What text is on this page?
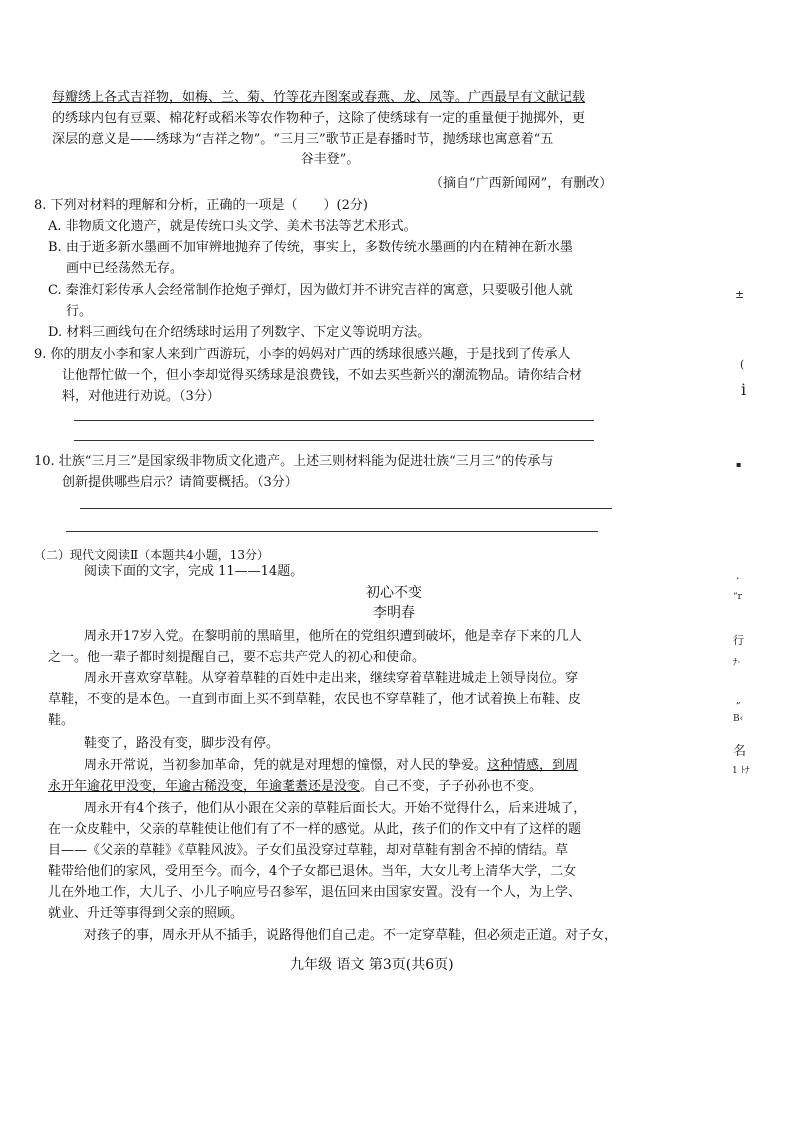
每瓣绣上各式吉祥物，如梅、兰、菊、竹等花卉图案或春燕、龙、凤等。广西最早有文献记载
的绣球内包有豆粟、棉花籽或稻米等农作物种子，这除了使绣球有一定的重量便于抛掷外，更
深层的意义是——绣球为“吉祥之物”。“三月三”歌节正是春播时节，抛绣球也寓意着“五
谷丰登”。
（摘自“广西新闻网”，有删改）
8. 下列对材料的理解和分析，正确的一项是（　　）(2分)
A. 非物质文化遗产，就是传统口头文学、美术书法等艺术形式。
B. 由于逝多新水墨画不加审辨地抛弃了传统，事实上，多数传统水墨画的内在精神在新水墨
画中已经荡然无存。
C. 秦淮灯彩传承人会经常制作抢炮子弹灯，因为做灯并不讲究吉祥的寓意，只要吸引他人就
行。
D. 材料三画线句在介绍绣球时运用了列数字、下定义等说明方法。
9. 你的朋友小李和家人来到广西游玩，小李的妈妈对广西的绣球很感兴趣，于是找到了传承人
让他帮忙做一个，但小李却觉得买绣球是浪费钱，不如去买些新兴的潮流物品。请你结合材
料，对他进行劝说。（3分）
10. 壮族“三月三”是国家级非物质文化遗产。上述三则材料能为促进壮族“三月三”的传承与
创新提供哪些启示？请简要概括。（3分）
（二）现代文阅读Ⅱ（本题共4小题，13分）
阅读下面的文字，完成 11——14题。
初心不变
李明春
周永开17岁入党。在黎明前的黑暗里，他所在的党组织遭到破坏，他是幸存下来的几人
之一。他一辈子都时刻提醒自己，要不忘共产党人的初心和使命。
周永开喜欢穿草鞋。从穿着草鞋的百姓中走出来，继续穿着草鞋进城走上领导岗位。穿
草鞋，不变的是本色。一直到市面上买不到草鞋，农民也不穿草鞋了，他才试着换上布鞋、皮
鞋。
鞋变了，路没有变，脚步没有停。
周永开常说，当初参加革命，凭的就是对理想的憧憬，对人民的挚爱。这种情感，到周
永开年逾花甲没变，年逾古稀没变，年逾耄耋还是没变。自己不变，子子孙孙也不变。
周永开有4个孩子，他们从小跟在父亲的草鞋后面长大。开始不觉得什么，后来进城了，
在一众皮鞋中，父亲的草鞋使让他们有了不一样的感觉。从此，孩子们的作文中有了这样的题
目——《父亲的草鞋》《草鞋风波》。子女们虽没穿过草鞋，却对草鞋有割舍不掉的情结。草
鞋带给他们的家风，受用至今。而今，4个子女都已退休。当年，大女儿考上清华大学，二女
儿在外地工作，大儿子、小儿子响应号召参军，退伍回来由国家安置。没有一个人，为上学、
就业、升迁等事得到父亲的照顾。
对孩子的事，周永开从不插手，说路得他们自己走。不一定穿草鞋，但必须走正道。对子女，
±
(
i
▪
·
“r
行
ﾅ·
„
B‹
名
1 ﾄﾅ
九年级 语文 第3页(共6页)
